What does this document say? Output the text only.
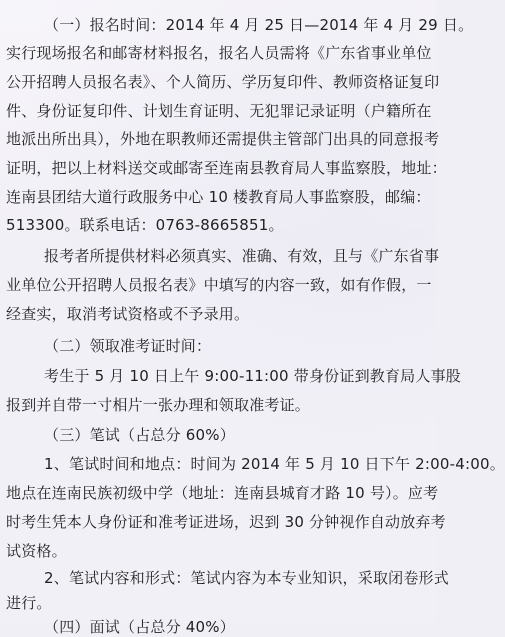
（一）报名时间：2014 年 4 月 25 日—2014 年 4 月 29 日。
实行现场报名和邮寄材料报名，报名人员需将《广东省事业单位
公开招聘人员报名表》、个人简历、学历复印件、教师资格证复印
件、身份证复印件、计划生育证明、无犯罪记录证明（户籍所在
地派出所出具），外地在职教师还需提供主管部门出具的同意报考
证明，把以上材料送交或邮寄至连南县教育局人事监察股，地址：
连南县团结大道行政服务中心 10 楼教育局人事监察股，邮编：
513300。联系电话：0763-8665851。
报考者所提供材料必须真实、准确、有效，且与《广东省事
业单位公开招聘人员报名表》中填写的内容一致，如有作假，一
经查实，取消考试资格或不予录用。
（二）领取准考证时间：
考生于 5 月 10 日上午 9:00-11:00 带身份证到教育局人事股
报到并自带一寸相片一张办理和领取准考证。
（三）笔试（占总分 60%）
1、笔试时间和地点：时间为 2014 年 5 月 10 日下午 2:00-4:00。
地点在连南民族初级中学（地址：连南县城育才路 10 号）。应考
时考生凭本人身份证和准考证进场，迟到 30 分钟视作自动放弃考
试资格。
2、笔试内容和形式：笔试内容为本专业知识，采取闭卷形式
进行。
（四）面试（占总分 40%）
